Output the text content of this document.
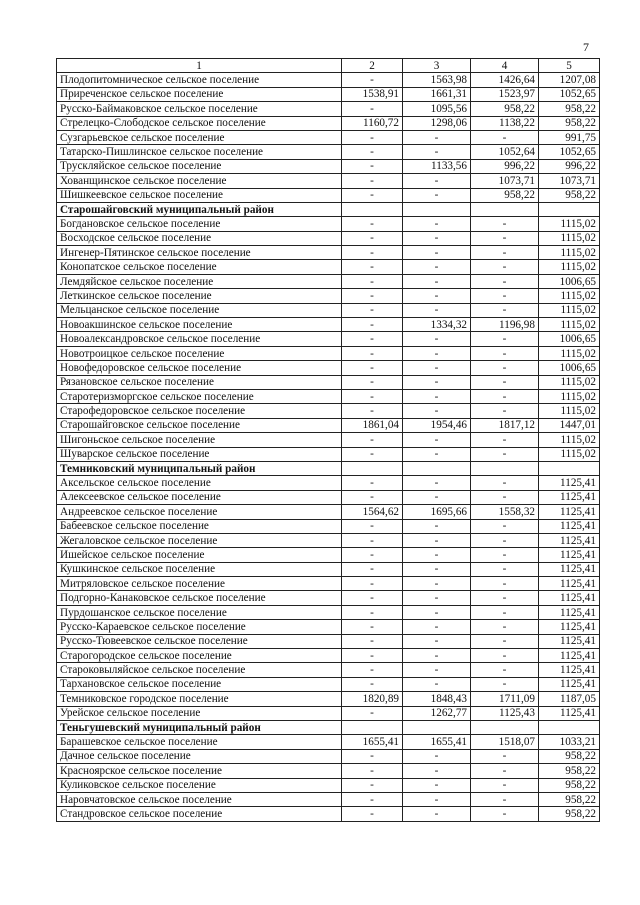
7
1	2	3	4	5
Плодопитомническое сельское поселение	-	1563,98	1426,64	1207,08
Приреченское сельское поселение	1538,91	1661,31	1523,97	1052,65
Русско-Баймаковское сельское поселение	-	1095,56	958,22	958,22
Стрелецко-Слободское сельское поселение	1160,72	1298,06	1138,22	958,22
Сузгарьевское сельское поселение	-	-	-	991,75
Татарско-Пишлинское сельское поселение	-	-	1052,64	1052,65
Трускляйское сельское поселение	-	1133,56	996,22	996,22
Хованщинское сельское поселение	-	-	1073,71	1073,71
Шишкеевское сельское поселение	-	-	958,22	958,22
Старошайговский муниципальный район				
Богдановское сельское поселение	-	-	-	1115,02
Восходское сельское поселение	-	-	-	1115,02
Ингенер-Пятинское сельское поселение	-	-	-	1115,02
Конопатское сельское поселение	-	-	-	1115,02
Лемдяйское сельское поселение	-	-	-	1006,65
Леткинское сельское поселение	-	-	-	1115,02
Мельцанское сельское поселение	-	-	-	1115,02
Новоакшинское сельское поселение	-	1334,32	1196,98	1115,02
Новоалександровское сельское поселение	-	-	-	1006,65
Новотроицкое сельское поселение	-	-	-	1115,02
Новофедоровское сельское поселение	-	-	-	1006,65
Рязановское сельское поселение	-	-	-	1115,02
Старотеризморгское сельское поселение	-	-	-	1115,02
Старофедоровское сельское поселение	-	-	-	1115,02
Старошайговское сельское поселение	1861,04	1954,46	1817,12	1447,01
Шигоньское сельское поселение	-	-	-	1115,02
Шуварское сельское поселение	-	-	-	1115,02
Темниковский муниципальный район				
Аксельское сельское поселение	-	-	-	1125,41
Алексеевское сельское поселение	-	-	-	1125,41
Андреевское сельское поселение	1564,62	1695,66	1558,32	1125,41
Бабеевское сельское поселение	-	-	-	1125,41
Жегаловское сельское поселение	-	-	-	1125,41
Ишейское сельское поселение	-	-	-	1125,41
Кушкинское сельское поселение	-	-	-	1125,41
Митряловское сельское поселение	-	-	-	1125,41
Подгорно-Канаковское сельское поселение	-	-	-	1125,41
Пурдошанское сельское поселение	-	-	-	1125,41
Русско-Караевское сельское поселение	-	-	-	1125,41
Русско-Тювеевское сельское поселение	-	-	-	1125,41
Старогородское сельское поселение	-	-	-	1125,41
Староковыляйское сельское поселение	-	-	-	1125,41
Тархановское сельское поселение	-	-	-	1125,41
Темниковское городское поселение	1820,89	1848,43	1711,09	1187,05
Урейское сельское поселение	-	1262,77	1125,43	1125,41
Теньгушевский муниципальный район				
Барашевское сельское поселение	1655,41	1655,41	1518,07	1033,21
Дачное сельское поселение	-	-	-	958,22
Красноярское сельское поселение	-	-	-	958,22
Куликовское сельское поселение	-	-	-	958,22
Наровчатовское сельское поселение	-	-	-	958,22
Стандровское сельское поселение	-	-	-	958,22
